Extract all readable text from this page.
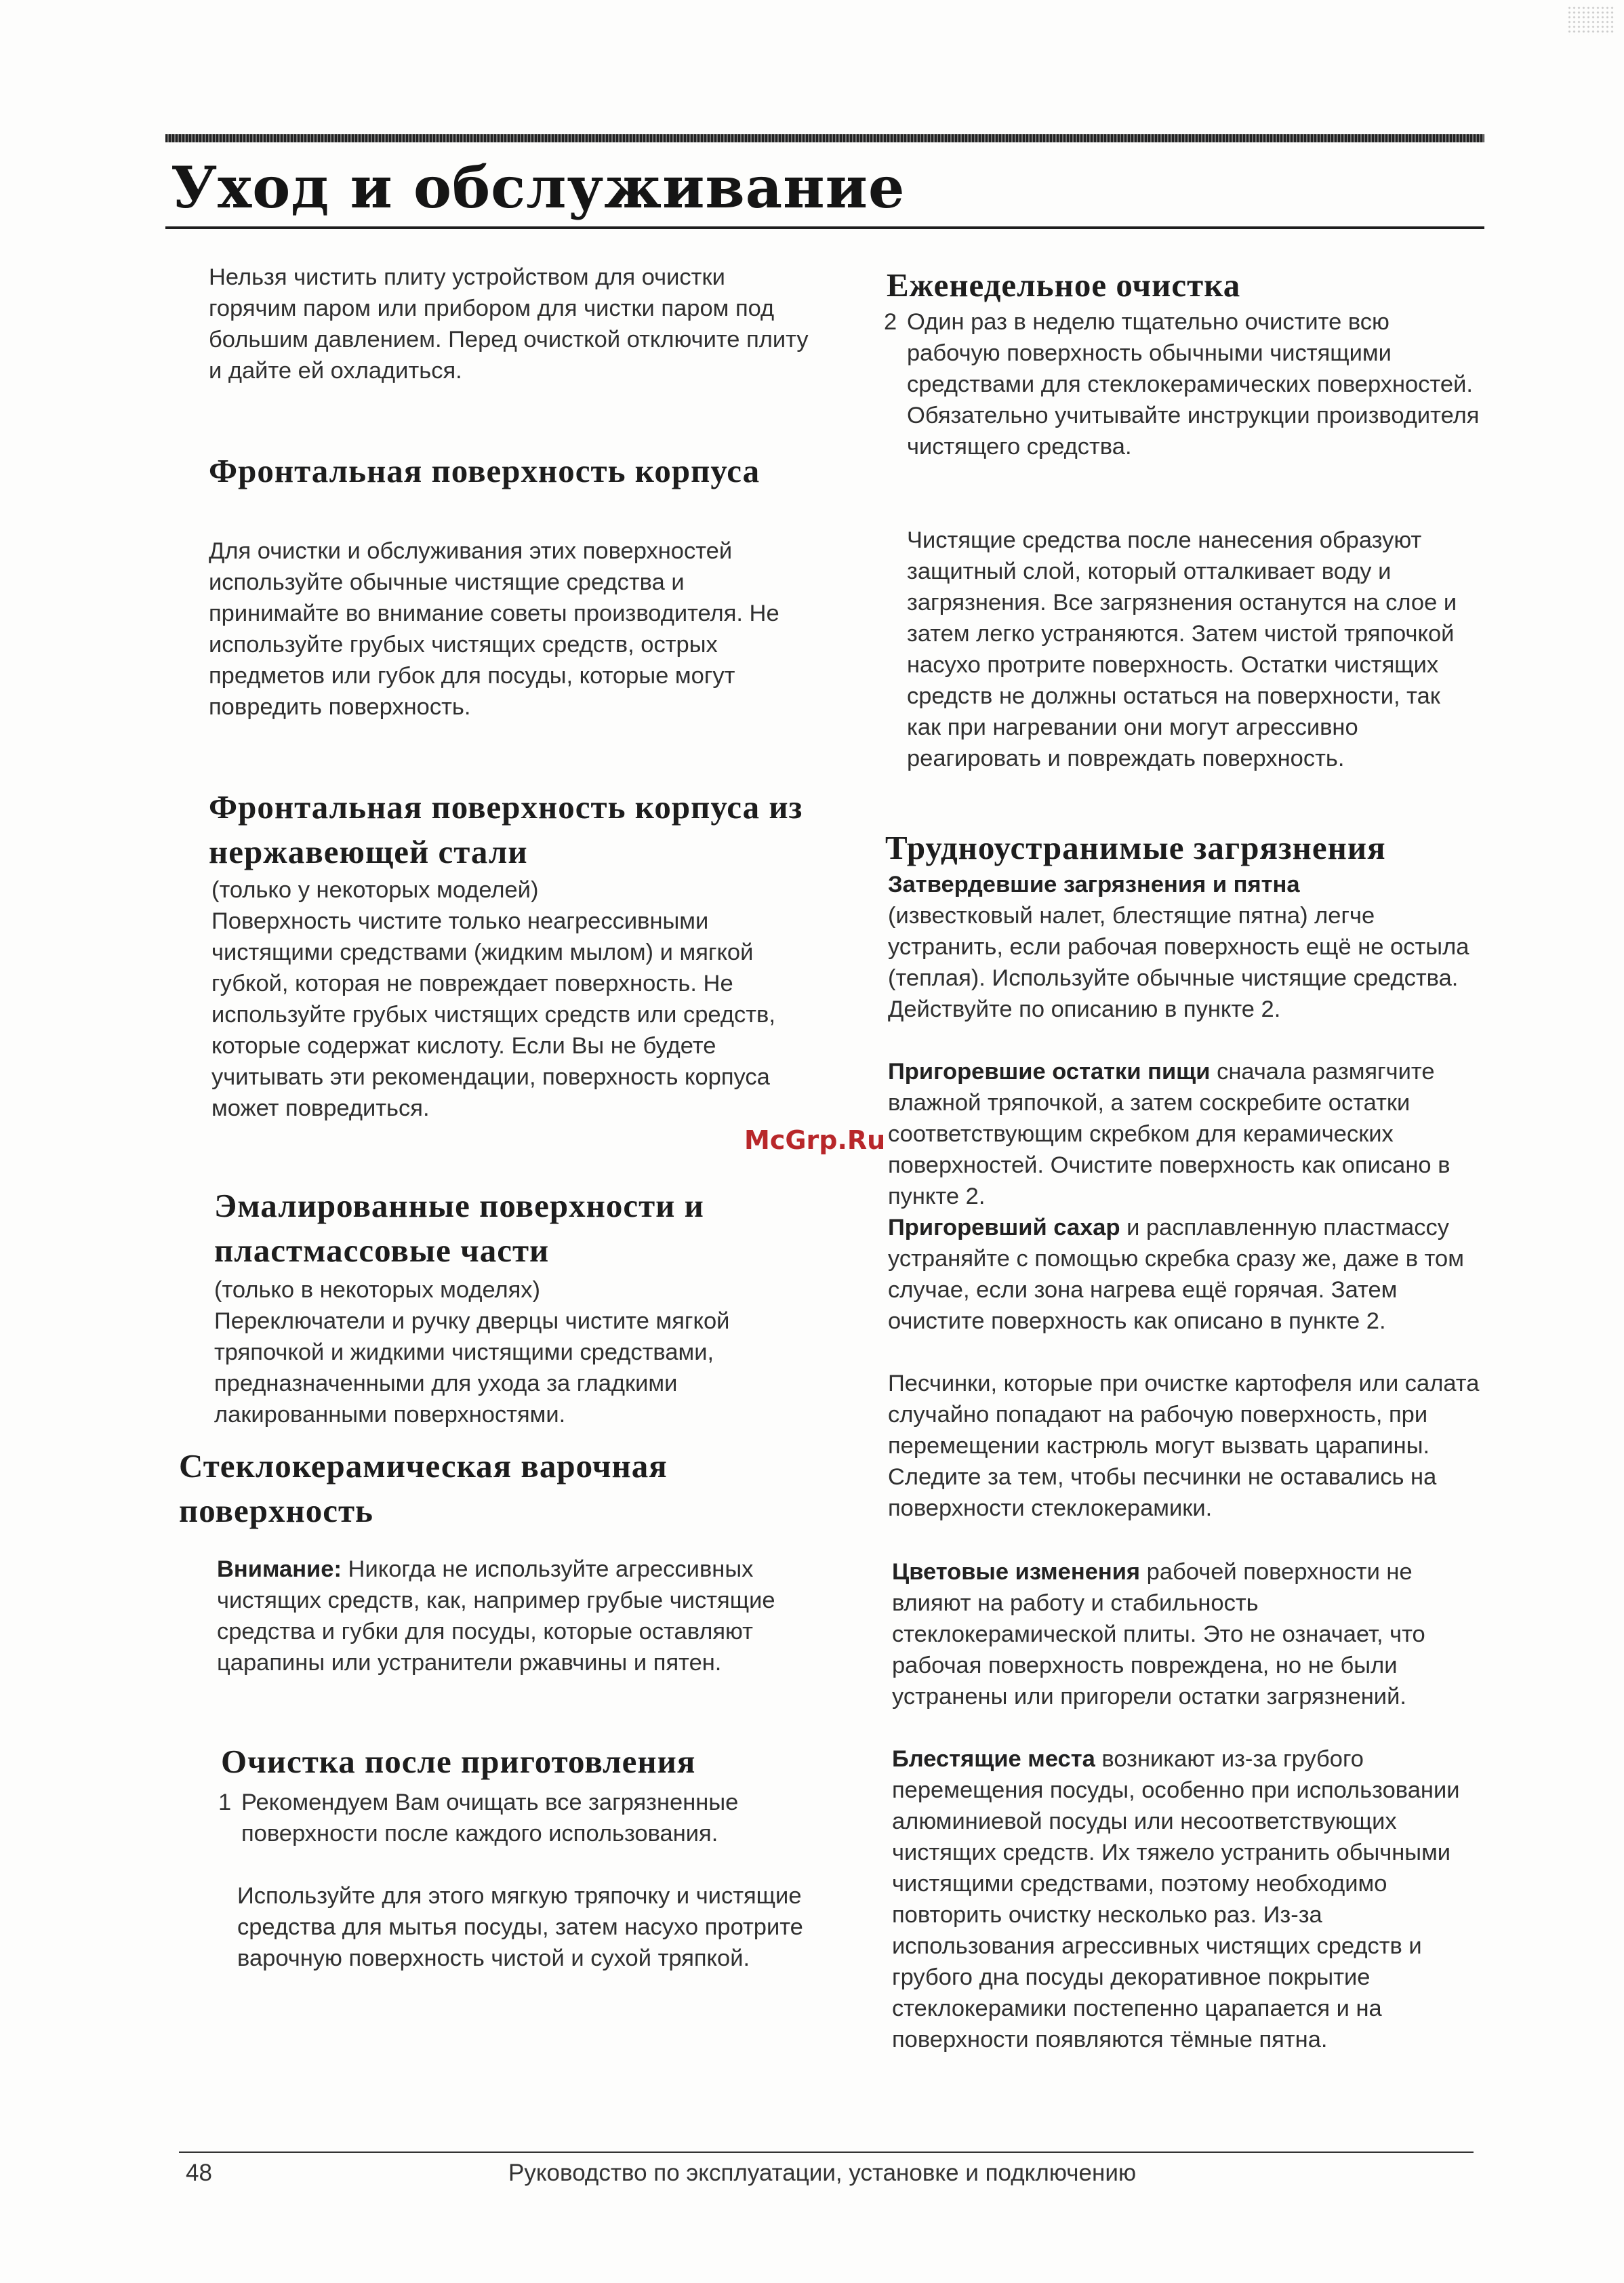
Уход и обслуживание

Нельзя чистить плиту устройством для очистки горячим паром или прибором для чистки паром под большим давлением. Перед очисткой отключите плиту и дайте ей охладиться.

Фронтальная поверхность корпуса

Для очистки и обслуживания этих поверхностей используйте обычные чистящие средства и принимайте во внимание советы производителя. Не используйте грубых чистящих средств, острых предметов или губок для посуды, которые могут повредить поверхность.

Фронтальная поверхность корпуса из нержавеющей стали

(только у некоторых моделей)

Поверхность чистите только неагрессивными чистящими средствами (жидким мылом) и мягкой губкой, которая не повреждает поверхность. Не используйте грубых чистящих средств или средств, которые содержат кислоту. Если Вы не будете учитывать эти рекомендации, поверхность корпуса может повредиться.

Эмалированные поверхности и пластмассовые части

(только в некоторых моделях)

Переключатели и ручку дверцы чистите мягкой тряпочкой и жидкими чистящими средствами, предназначенными для ухода за гладкими лакированными поверхностями.

Стеклокерамическая варочная поверхность

Внимание: Никогда не используйте агрессивных чистящих средств, как, например грубые чистящие средства и губки для посуды, которые оставляют царапины или устранители ржавчины и пятен.

Очистка после приготовления

1 Рекомендуем Вам очищать все загрязненные поверхности после каждого использования.

Используйте для этого мягкую тряпочку и чистящие средства для мытья посуды, затем насухо протрите варочную поверхность чистой и сухой тряпкой.

Еженедельное очистка

2 Один раз в неделю тщательно очистите всю рабочую поверхность обычными чистящими средствами для стеклокерамических поверхностей. Обязательно учитывайте инструкции производителя чистящего средства.

Чистящие средства после нанесения образуют защитный слой, который отталкивает воду и загрязнения. Все загрязнения останутся на слое и затем легко устраняются. Затем чистой тряпочкой насухо протрите поверхность. Остатки чистящих средств не должны остаться на поверхности, так как при нагревании они могут агрессивно реагировать и повреждать поверхность.

Трудноустранимые загрязнения

Затвердевшие загрязнения и пятна
(известковый налет, блестящие пятна) легче устранить, если рабочая поверхность ещё не остыла (теплая). Используйте обычные чистящие средства. Действуйте по описанию в пункте 2.

Пригоревшие остатки пищи сначала размягчите влажной тряпочкой, а затем соскребите остатки соответствующим скребком для керамических поверхностей. Очистите поверхность как описано в пункте 2.

Пригоревший сахар и расплавленную пластмассу устраняйте с помощью скребка сразу же, даже в том случае, если зона нагрева ещё горячая. Затем очистите поверхность как описано в пункте 2.

Песчинки, которые при очистке картофеля или салата случайно попадают на рабочую поверхность, при перемещении кастрюль могут вызвать царапины. Следите за тем, чтобы песчинки не оставались на поверхности стеклокерамики.

Цветовые изменения рабочей поверхности не влияют на работу и стабильность стеклокерамической плиты. Это не означает, что рабочая поверхность повреждена, но не были устранены или пригорели остатки загрязнений.

Блестящие места возникают из-за грубого перемещения посуды, особенно при использовании алюминиевой посуды или несоответствующих чистящих средств. Их тяжело устранить обычными чистящими средствами, поэтому необходимо повторить очистку несколько раз. Из-за использования агрессивных чистящих средств и грубого дна посуды декоративное покрытие стеклокерамики постепенно царапается и на поверхности появляются тёмные пятна.

McGrp.Ru
48	Руководство по эксплуатации, установке и подключению
